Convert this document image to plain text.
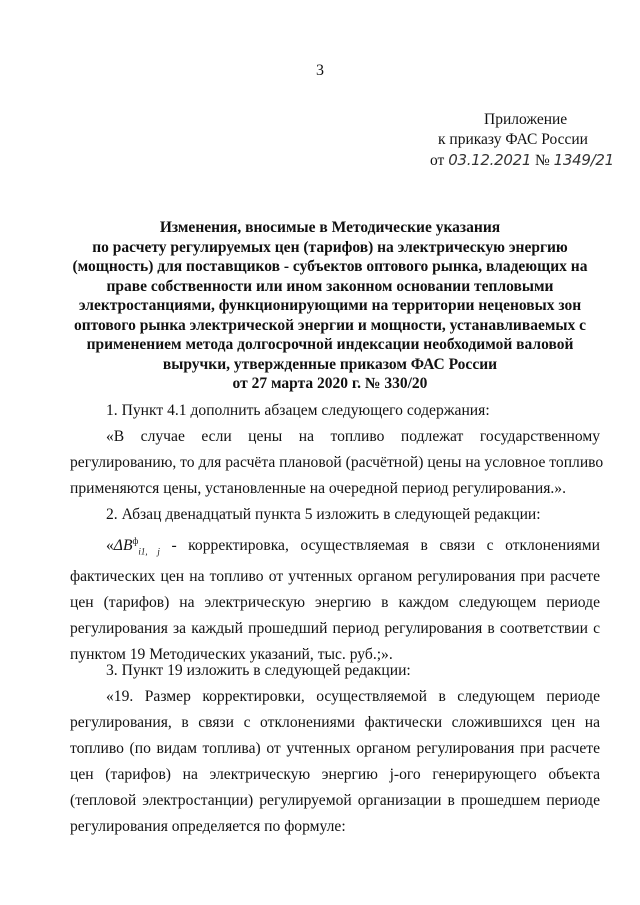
3
Приложение
к приказу ФАС России
от 03.12.2021 № 1349/21
Изменения, вносимые в Методические указания
по расчету регулируемых цен (тарифов) на электрическую энергию
(мощность) для поставщиков - субъектов оптового рынка, владеющих на
праве собственности или ином законном основании тепловыми
электростанциями, функционирующими на территории неценовых зон
оптового рынка электрической энергии и мощности, устанавливаемых с
применением метода долгосрочной индексации необходимой валовой
выручки, утвержденные приказом ФАС России
от 27 марта 2020 г. № 330/20
1. Пункт 4.1 дополнить абзацем следующего содержания:
«В случае если цены на топливо подлежат государственному
регулированию, то для расчёта плановой (расчётной) цены на условное топливо
применяются цены, установленные на очередной период регулирования.».
2. Абзац двенадцатый пункта 5 изложить в следующей редакции:
«$\Delta B^ф_{i1, j}$ - корректировка, осуществляемая в связи с отклонениями
фактических цен на топливо от учтенных органом регулирования при расчете
цен (тарифов) на электрическую энергию в каждом следующем периоде
регулирования за каждый прошедший период регулирования в соответствии с
пунктом 19 Методических указаний, тыс. руб.;».
3. Пункт 19 изложить в следующей редакции:
«19. Размер корректировки, осуществляемой в следующем периоде
регулирования, в связи с отклонениями фактически сложившихся цен на
топливо (по видам топлива) от учтенных органом регулирования при расчете
цен (тарифов) на электрическую энергию j-ого генерирующего объекта
(тепловой электростанции) регулируемой организации в прошедшем периоде
регулирования определяется по формуле:
